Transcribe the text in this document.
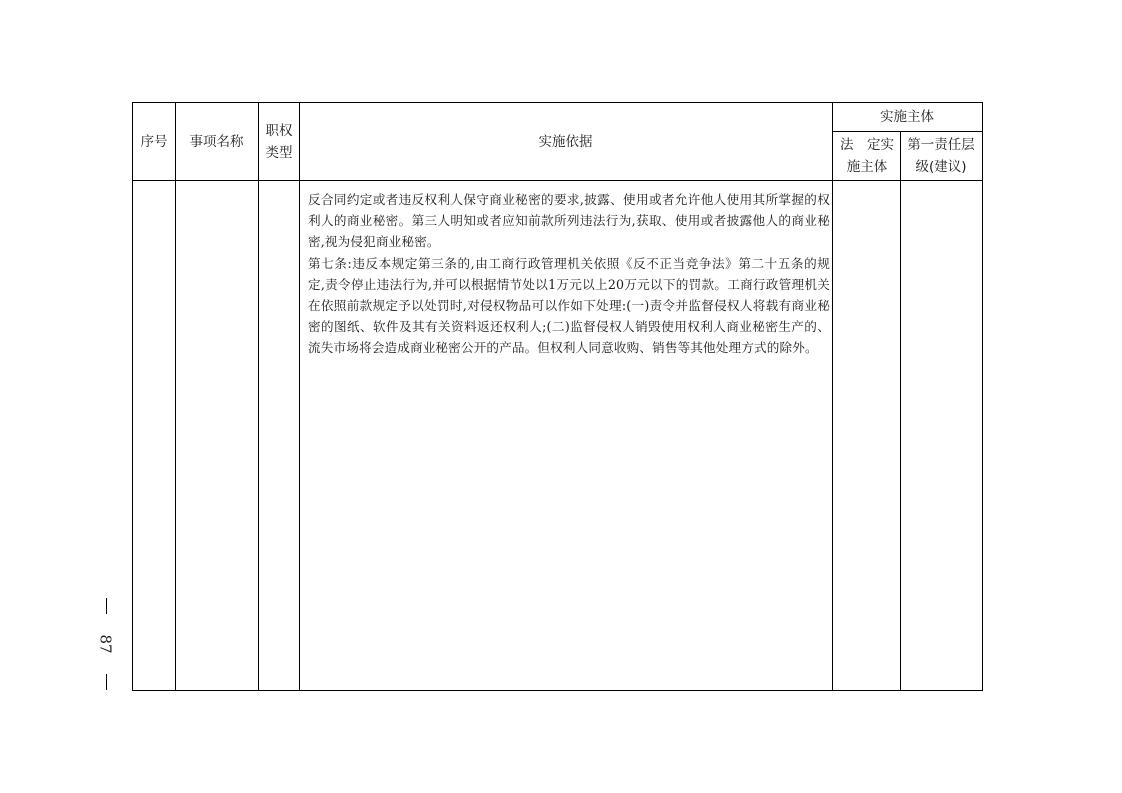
序号 事项名称
职权类型
实施依据
实施主体
法　定实施主体
第一责任层级(建议)

反合同约定或者违反权利人保守商业秘密的要求,披露、使用或者允许他人使用其所掌握的权利人的商业秘密。第三人明知或者应知前款所列违法行为,获取、使用或者披露他人的商业秘密,视为侵犯商业秘密。

第七条:违反本规定第三条的,由工商行政管理机关依照《反不正当竞争法》第二十五条的规定,责令停止违法行为,并可以根据情节处以1万元以上20万元以下的罚款。工商行政管理机关在依照前款规定予以处罚时,对侵权物品可以作如下处理:(一)责令并监督侵权人将载有商业秘密的图纸、软件及其有关资料返还权利人;(二)监督侵权人销毁使用权利人商业秘密生产的、流失市场将会造成商业秘密公开的产品。但权利人同意收购、销售等其他处理方式的除外。

87
